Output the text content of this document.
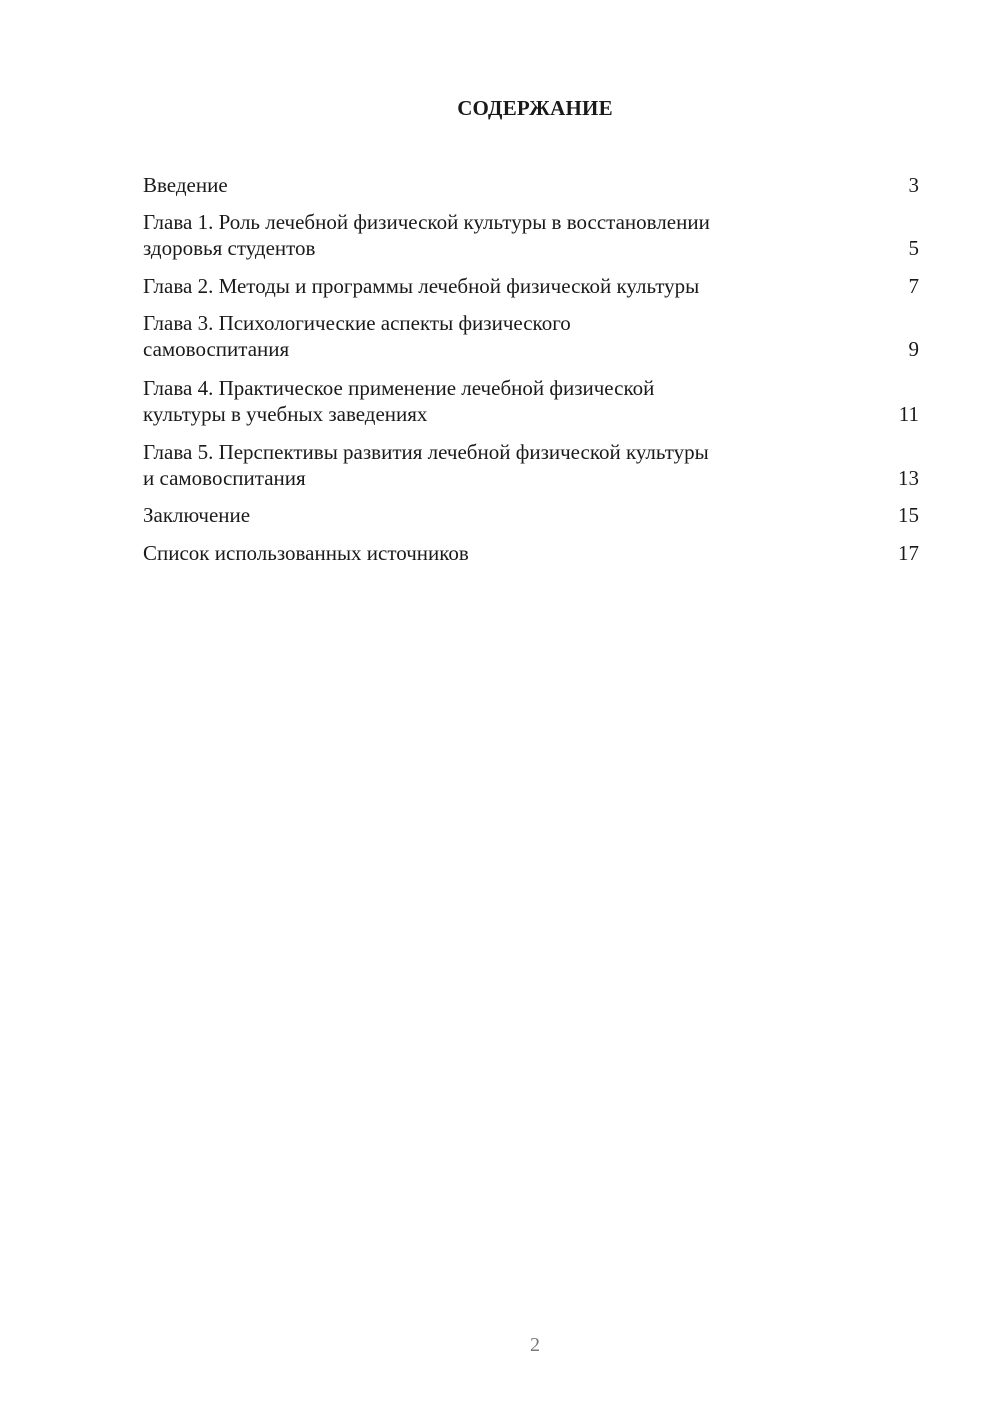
СОДЕРЖАНИЕ
Введение	3
Глава 1. Роль лечебной физической культуры в восстановлении
здоровья студентов	5
Глава 2. Методы и программы лечебной физической культуры	7
Глава 3. Психологические аспекты физического
самовоспитания	9
Глава 4. Практическое применение лечебной физической
культуры в учебных заведениях	11
Глава 5. Перспективы развития лечебной физической культуры
и самовоспитания	13
Заключение	15
Список использованных источников	17

2
